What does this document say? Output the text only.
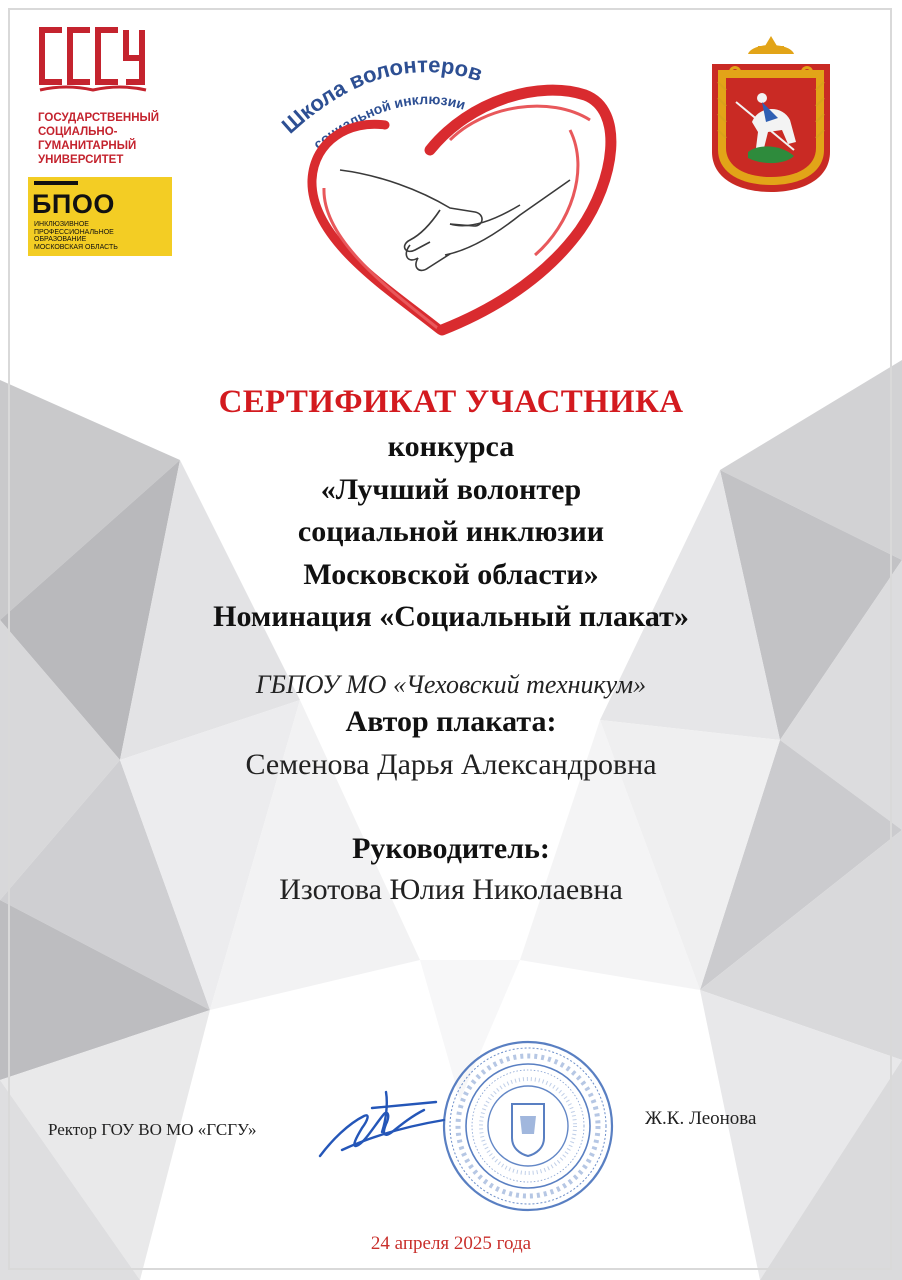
ГОСУДАРСТВЕННЫЙ
СОЦИАЛЬНО-
ГУМАНИТАРНЫЙ
УНИВЕРСИТЕТ
БПОО
ИНКЛЮЗИВНОЕ
ПРОФЕССИОНАЛЬНОЕ
ОБРАЗОВАНИЕ
МОСКОВСКАЯ ОБЛАСТЬ
Школа волонтеров
социальной инклюзии
СЕРТИФИКАТ УЧАСТНИКА
конкурса
«Лучший волонтер
социальной инклюзии
Московской области»
Номинация «Социальный плакат»
ГБПОУ МО «Чеховский техникум»
Автор плаката:
Семенова Дарья Александровна
Руководитель:
Изотова Юлия Николаевна
Ректор ГОУ ВО МО «ГСГУ»
Ж.К. Леонова
24 апреля 2025 года
